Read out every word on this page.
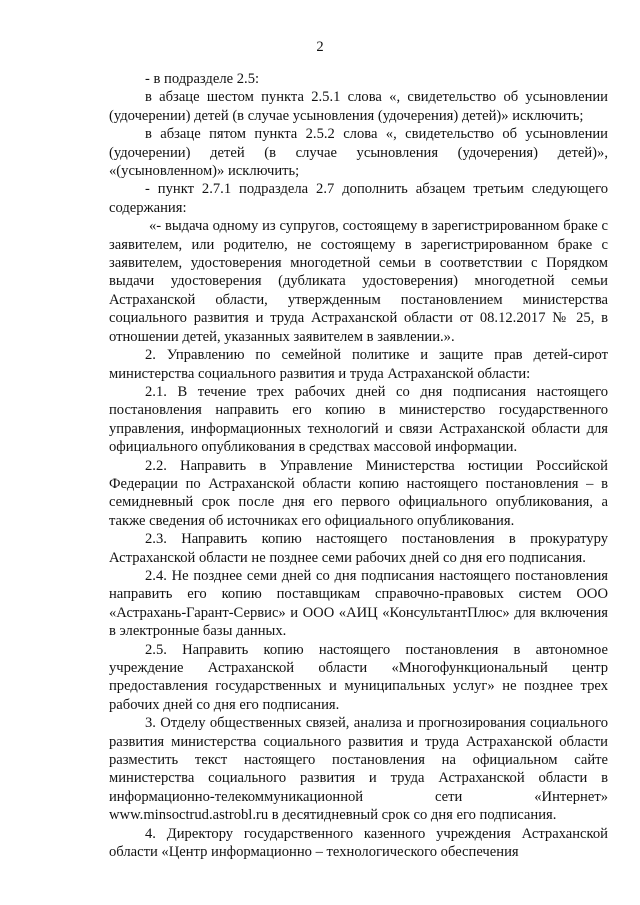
2

- в подразделе 2.5:

в абзаце шестом пункта 2.5.1 слова «, свидетельство об усыновлении (удочерении) детей (в случае усыновления (удочерения) детей)» исключить;

в абзаце пятом пункта 2.5.2 слова «, свидетельство об усыновлении (удочерении) детей (в случае усыновления (удочерения) детей)», «(усыновленном)» исключить;

- пункт 2.7.1 подраздела 2.7 дополнить абзацем третьим следующего содержания:

«- выдача одному из супругов, состоящему в зарегистрированном браке с заявителем, или родителю, не состоящему в зарегистрированном браке с заявителем, удостоверения многодетной семьи в соответствии с Порядком выдачи удостоверения (дубликата удостоверения) многодетной семьи Астраханской области, утвержденным постановлением министерства социального развития и труда Астраханской области от 08.12.2017 № 25, в отношении детей, указанных заявителем в заявлении.».

2. Управлению по семейной политике и защите прав детей-сирот министерства социального развития и труда Астраханской области:

2.1. В течение трех рабочих дней со дня подписания настоящего постановления направить его копию в министерство государственного управления, информационных технологий и связи Астраханской области для официального опубликования в средствах массовой информации.

2.2. Направить в Управление Министерства юстиции Российской Федерации по Астраханской области копию настоящего постановления – в семидневный срок после дня его первого официального опубликования, а также сведения об источниках его официального опубликования.

2.3. Направить копию настоящего постановления в прокуратуру Астраханской области не позднее семи рабочих дней со дня его подписания.

2.4. Не позднее семи дней со дня подписания настоящего постановления направить его копию поставщикам справочно-правовых систем ООО «Астрахань-Гарант-Сервис» и ООО «АИЦ «КонсультантПлюс» для включения в электронные базы данных.

2.5. Направить копию настоящего постановления в автономное учреждение Астраханской области «Многофункциональный центр предоставления государственных и муниципальных услуг» не позднее трех рабочих дней со дня его подписания.

3. Отделу общественных связей, анализа и прогнозирования социального развития министерства социального развития и труда Астраханской области разместить текст настоящего постановления на официальном сайте министерства социального развития и труда Астраханской области в информационно-телекоммуникационной сети «Интернет» www.minsoctrud.astrobl.ru в десятидневный срок со дня его подписания.

4. Директору государственного казенного учреждения Астраханской области «Центр информационно – технологического обеспечения
